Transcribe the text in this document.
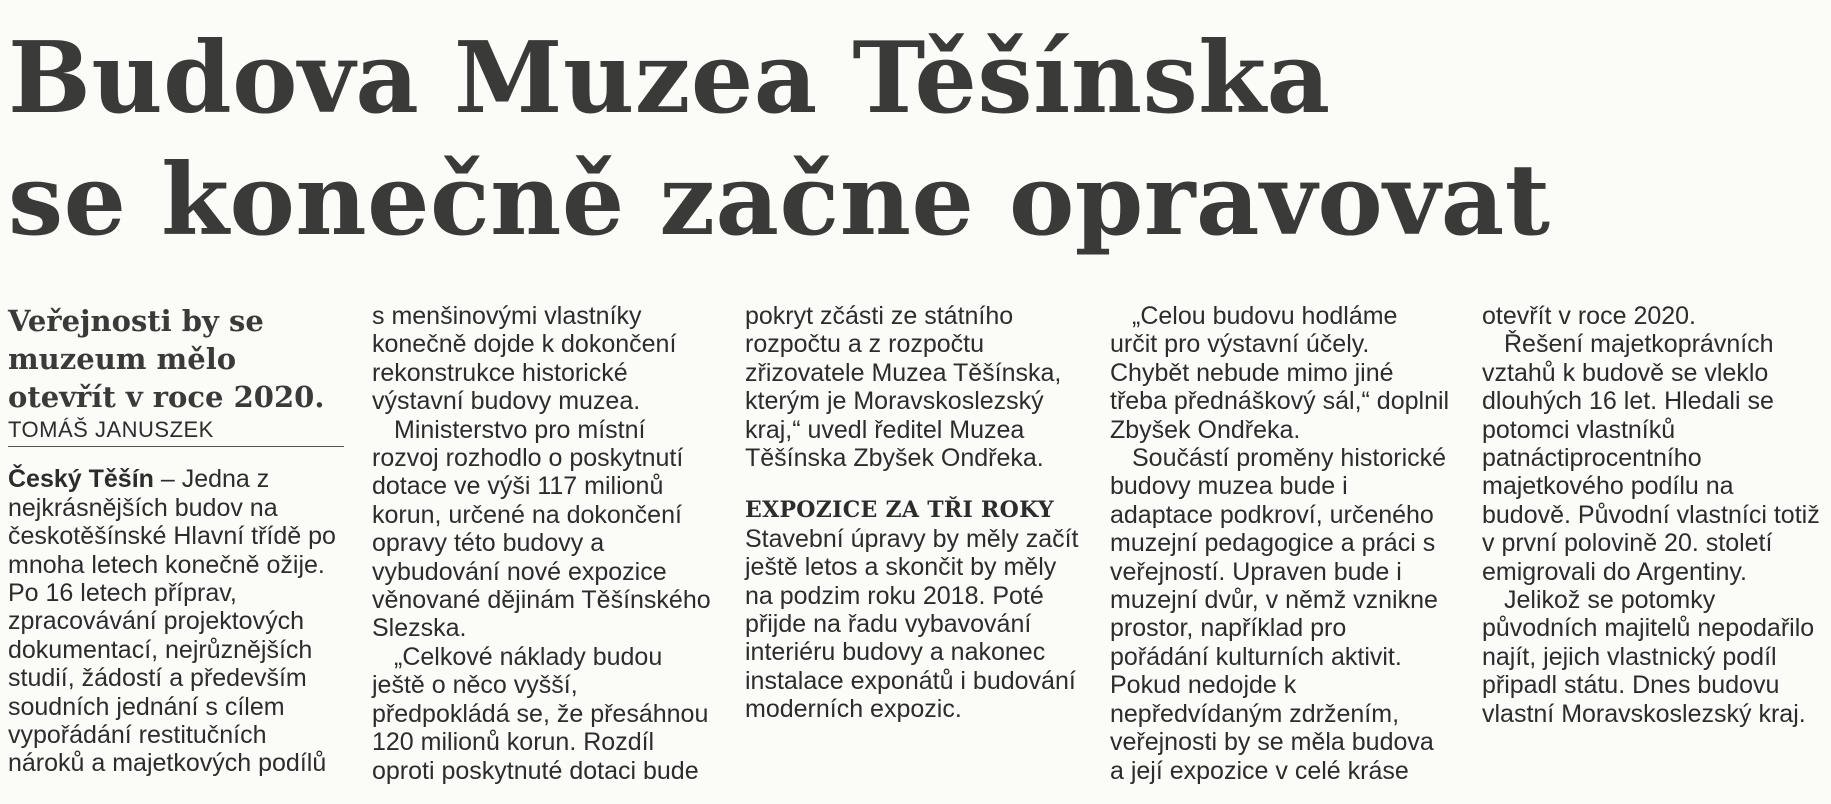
Budova Muzea Těšínska
se konečně začne opravovat

Veřejnosti by se muzeum mělo otevřít v roce 2020.

TOMÁŠ JANUSZEK

Český Těšín – Jedna z nejkrásnějších budov na českotěšínské Hlavní třídě po mnoha letech konečně ožije. Po 16 letech příprav, zpracovávání projektových dokumentací, nejrůznějších studií, žádostí a především soudních jednání s cílem vypořádání restitučních nároků a majetkových podílů

s menšinovými vlastníky konečně dojde k dokončení rekonstrukce historické výstavní budovy muzea.

Ministerstvo pro místní rozvoj rozhodlo o poskytnutí dotace ve výši 117 milionů korun, určené na dokončení opravy této budovy a vybudování nové expozice věnované dějinám Těšínského Slezska.

„Celkové náklady budou ještě o něco vyšší, předpokládá se, že přesáhnou 120 milionů korun. Rozdíl oproti poskytnuté dotaci bude

pokryt zčásti ze státního rozpočtu a z rozpočtu zřizovatele Muzea Těšínska, kterým je Moravskoslezský kraj,“ uvedl ředitel Muzea Těšínska Zbyšek Ondřeka.

EXPOZICE ZA TŘI ROKY

Stavební úpravy by měly začít ještě letos a skončit by měly na podzim roku 2018. Poté přijde na řadu vybavování interiéru budovy a nakonec instalace exponátů i budování moderních expozic.

„Celou budovu hodláme určit pro výstavní účely. Chybět nebude mimo jiné třeba přednáškový sál,“ doplnil Zbyšek Ondřeka.

Součástí proměny historické budovy muzea bude i adaptace podkroví, určeného muzejní pedagogice a práci s veřejností. Upraven bude i muzejní dvůr, v němž vznikne prostor, například pro pořádání kulturních aktivit. Pokud nedojde k nepředvídaným zdržením, veřejnosti by se měla budova a její expozice v celé kráse

otevřít v roce 2020.

Řešení majetkoprávních vztahů k budově se vleklo dlouhých 16 let. Hledali se potomci vlastníků patnáctiprocentního majetkového podílu na budově. Původní vlastníci totiž v první polovině 20. století emigrovali do Argentiny.

Jelikož se potomky původních majitelů nepodařilo najít, jejich vlastnický podíl připadl státu. Dnes budovu vlastní Moravskoslezský kraj.
